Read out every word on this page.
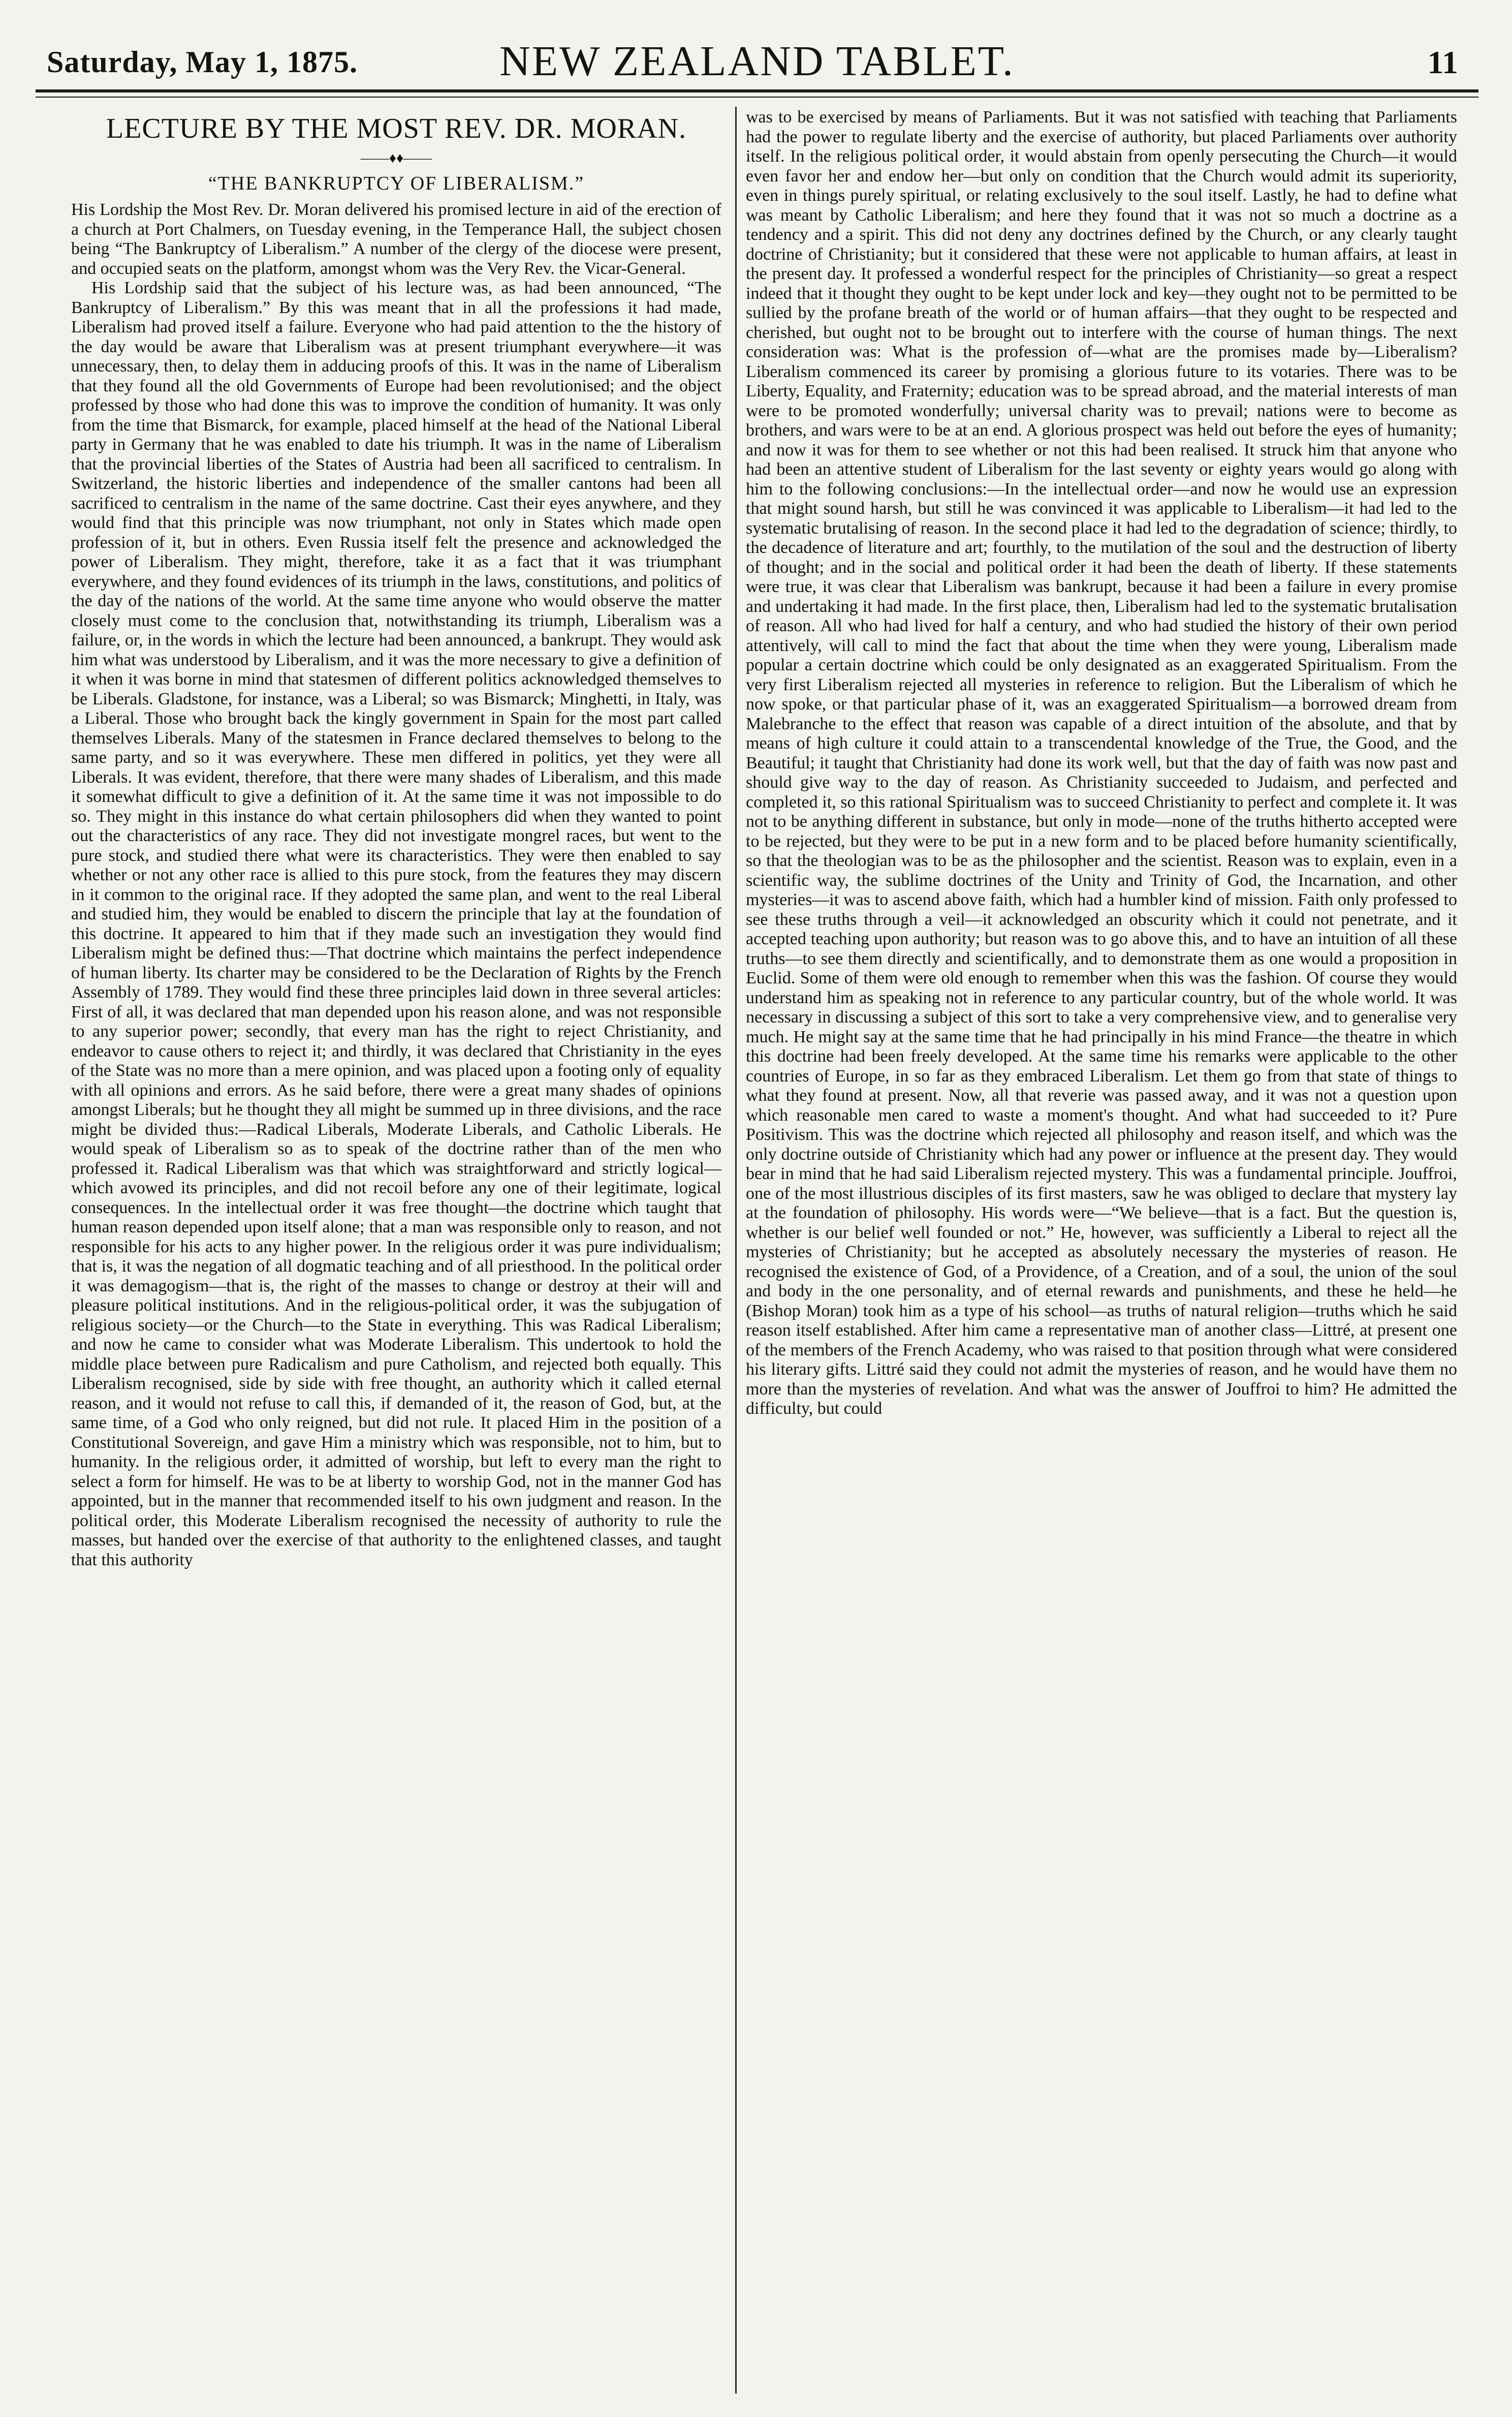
Saturday, May 1, 1875.	NEW ZEALAND TABLET.	11
LECTURE BY THE MOST REV. DR. MORAN.
——♦♦——
“THE BANKRUPTCY OF LIBERALISM.”

His Lordship the Most Rev. Dr. Moran delivered his promised lecture in aid of the erection of a church at Port Chalmers, on Tuesday evening, in the Temperance Hall, the subject chosen being “The Bankruptcy of Liberalism.” A number of the clergy of the diocese were present, and occupied seats on the platform, amongst whom was the Very Rev. the Vicar-General.

His Lordship said that the subject of his lecture was, as had been announced, “The Bankruptcy of Liberalism.” By this was meant that in all the professions it had made, Liberalism had proved itself a failure. Everyone who had paid attention to the the history of the day would be aware that Liberalism was at present triumphant everywhere—it was unnecessary, then, to delay them in adducing proofs of this. It was in the name of Liberalism that they found all the old Governments of Europe had been revolutionised; and the object professed by those who had done this was to improve the condition of humanity. It was only from the time that Bismarck, for example, placed himself at the head of the National Liberal party in Germany that he was enabled to date his triumph. It was in the name of Liberalism that the provincial liberties of the States of Austria had been all sacrificed to centralism. In Switzerland, the historic liberties and independence of the smaller cantons had been all sacrificed to centralism in the name of the same doctrine. Cast their eyes anywhere, and they would find that this principle was now triumphant, not only in States which made open profession of it, but in others. Even Russia itself felt the presence and acknowledged the power of Liberalism. They might, therefore, take it as a fact that it was triumphant everywhere, and they found evidences of its triumph in the laws, constitutions, and politics of the day of the nations of the world. At the same time anyone who would observe the matter closely must come to the conclusion that, notwithstanding its triumph, Liberalism was a failure, or, in the words in which the lecture had been announced, a bankrupt. They would ask him what was understood by Liberalism, and it was the more necessary to give a definition of it when it was borne in mind that statesmen of different politics acknowledged themselves to be Liberals. Gladstone, for instance, was a Liberal; so was Bismarck; Minghetti, in Italy, was a Liberal. Those who brought back the kingly government in Spain for the most part called themselves Liberals. Many of the statesmen in France declared themselves to belong to the same party, and so it was everywhere. These men differed in politics, yet they were all Liberals. It was evident, therefore, that there were many shades of Liberalism, and this made it somewhat difficult to give a definition of it. At the same time it was not impossible to do so. They might in this instance do what certain philosophers did when they wanted to point out the characteristics of any race. They did not investigate mongrel races, but went to the pure stock, and studied there what were its characteristics. They were then enabled to say whether or not any other race is allied to this pure stock, from the features they may discern in it common to the original race. If they adopted the same plan, and went to the real Liberal and studied him, they would be enabled to discern the principle that lay at the foundation of this doctrine. It appeared to him that if they made such an investigation they would find Liberalism might be defined thus:—That doctrine which maintains the perfect independence of human liberty. Its charter may be considered to be the Declaration of Rights by the French Assembly of 1789. They would find these three principles laid down in three several articles: First of all, it was declared that man depended upon his reason alone, and was not responsible to any superior power; secondly, that every man has the right to reject Christianity, and endeavor to cause others to reject it; and thirdly, it was declared that Christianity in the eyes of the State was no more than a mere opinion, and was placed upon a footing only of equality with all opinions and errors. As he said before, there were a great many shades of opinions amongst Liberals; but he thought they all might be summed up in three divisions, and the race might be divided thus:—Radical Liberals, Moderate Liberals, and Catholic Liberals. He would speak of Liberalism so as to speak of the doctrine rather than of the men who professed it. Radical Liberalism was that which was straightforward and strictly logical—which avowed its principles, and did not recoil before any one of their legitimate, logical consequences. In the intellectual order it was free thought—the doctrine which taught that human reason depended upon itself alone; that a man was responsible only to reason, and not responsible for his acts to any higher power. In the religious order it was pure individualism; that is, it was the negation of all dogmatic teaching and of all priesthood. In the political order it was demagogism—that is, the right of the masses to change or destroy at their will and pleasure political institutions. And in the religious-political order, it was the subjugation of religious society—or the Church—to the State in everything. This was Radical Liberalism; and now he came to consider what was Moderate Liberalism. This undertook to hold the middle place between pure Radicalism and pure Catholism, and rejected both equally. This Liberalism recognised, side by side with free thought, an authority which it called eternal reason, and it would not refuse to call this, if demanded of it, the reason of God, but, at the same time, of a God who only reigned, but did not rule. It placed Him in the position of a Constitutional Sovereign, and gave Him a ministry which was responsible, not to him, but to humanity. In the religious order, it admitted of worship, but left to every man the right to select a form for himself. He was to be at liberty to worship God, not in the manner God has appointed, but in the manner that recommended itself to his own judgment and reason. In the political order, this Moderate Liberalism recognised the necessity of authority to rule the masses, but handed over the exercise of that authority to the enlightened classes, and taught that this authority

was to be exercised by means of Parliaments. But it was not satisfied with teaching that Parliaments had the power to regulate liberty and the exercise of authority, but placed Parliaments over authority itself. In the religious political order, it would abstain from openly persecuting the Church—it would even favor her and endow her—but only on condition that the Church would admit its superiority, even in things purely spiritual, or relating exclusively to the soul itself. Lastly, he had to define what was meant by Catholic Liberalism; and here they found that it was not so much a doctrine as a tendency and a spirit. This did not deny any doctrines defined by the Church, or any clearly taught doctrine of Christianity; but it considered that these were not applicable to human affairs, at least in the present day. It professed a wonderful respect for the principles of Christianity—so great a respect indeed that it thought they ought to be kept under lock and key—they ought not to be permitted to be sullied by the profane breath of the world or of human affairs—that they ought to be respected and cherished, but ought not to be brought out to interfere with the course of human things. The next consideration was: What is the profession of—what are the promises made by—Liberalism? Liberalism commenced its career by promising a glorious future to its votaries. There was to be Liberty, Equality, and Fraternity; education was to be spread abroad, and the material interests of man were to be promoted wonderfully; universal charity was to prevail; nations were to become as brothers, and wars were to be at an end. A glorious prospect was held out before the eyes of humanity; and now it was for them to see whether or not this had been realised. It struck him that anyone who had been an attentive student of Liberalism for the last seventy or eighty years would go along with him to the following conclusions:—In the intellectual order—and now he would use an expression that might sound harsh, but still he was convinced it was applicable to Liberalism—it had led to the systematic brutalising of reason. In the second place it had led to the degradation of science; thirdly, to the decadence of literature and art; fourthly, to the mutilation of the soul and the destruction of liberty of thought; and in the social and political order it had been the death of liberty. If these statements were true, it was clear that Liberalism was bankrupt, because it had been a failure in every promise and undertaking it had made. In the first place, then, Liberalism had led to the systematic brutalisation of reason. All who had lived for half a century, and who had studied the history of their own period attentively, will call to mind the fact that about the time when they were young, Liberalism made popular a certain doctrine which could be only designated as an exaggerated Spiritualism. From the very first Liberalism rejected all mysteries in reference to religion. But the Liberalism of which he now spoke, or that particular phase of it, was an exaggerated Spiritualism—a borrowed dream from Malebranche to the effect that reason was capable of a direct intuition of the absolute, and that by means of high culture it could attain to a transcendental knowledge of the True, the Good, and the Beautiful; it taught that Christianity had done its work well, but that the day of faith was now past and should give way to the day of reason. As Christianity succeeded to Judaism, and perfected and completed it, so this rational Spiritualism was to succeed Christianity to perfect and complete it. It was not to be anything different in substance, but only in mode—none of the truths hitherto accepted were to be rejected, but they were to be put in a new form and to be placed before humanity scientifically, so that the theologian was to be as the philosopher and the scientist. Reason was to explain, even in a scientific way, the sublime doctrines of the Unity and Trinity of God, the Incarnation, and other mysteries—it was to ascend above faith, which had a humbler kind of mission. Faith only professed to see these truths through a veil—it acknowledged an obscurity which it could not penetrate, and it accepted teaching upon authority; but reason was to go above this, and to have an intuition of all these truths—to see them directly and scientifically, and to demonstrate them as one would a proposition in Euclid. Some of them were old enough to remember when this was the fashion. Of course they would understand him as speaking not in reference to any particular country, but of the whole world. It was necessary in discussing a subject of this sort to take a very comprehensive view, and to generalise very much. He might say at the same time that he had principally in his mind France—the theatre in which this doctrine had been freely developed. At the same time his remarks were applicable to the other countries of Europe, in so far as they embraced Liberalism. Let them go from that state of things to what they found at present. Now, all that reverie was passed away, and it was not a question upon which reasonable men cared to waste a moment's thought. And what had succeeded to it? Pure Positivism. This was the doctrine which rejected all philosophy and reason itself, and which was the only doctrine outside of Christianity which had any power or influence at the present day. They would bear in mind that he had said Liberalism rejected mystery. This was a fundamental principle. Jouffroi, one of the most illustrious disciples of its first masters, saw he was obliged to declare that mystery lay at the foundation of philosophy. His words were—“We believe—that is a fact. But the question is, whether is our belief well founded or not.” He, however, was sufficiently a Liberal to reject all the mysteries of Christianity; but he accepted as absolutely necessary the mysteries of reason. He recognised the existence of God, of a Providence, of a Creation, and of a soul, the union of the soul and body in the one personality, and of eternal rewards and punishments, and these he held—he (Bishop Moran) took him as a type of his school—as truths of natural religion—truths which he said reason itself established. After him came a representative man of another class—Littré, at present one of the members of the French Academy, who was raised to that position through what were considered his literary gifts. Littré said they could not admit the mysteries of reason, and he would have them no more than the mysteries of revelation. And what was the answer of Jouffroi to him? He admitted the difficulty, but could
